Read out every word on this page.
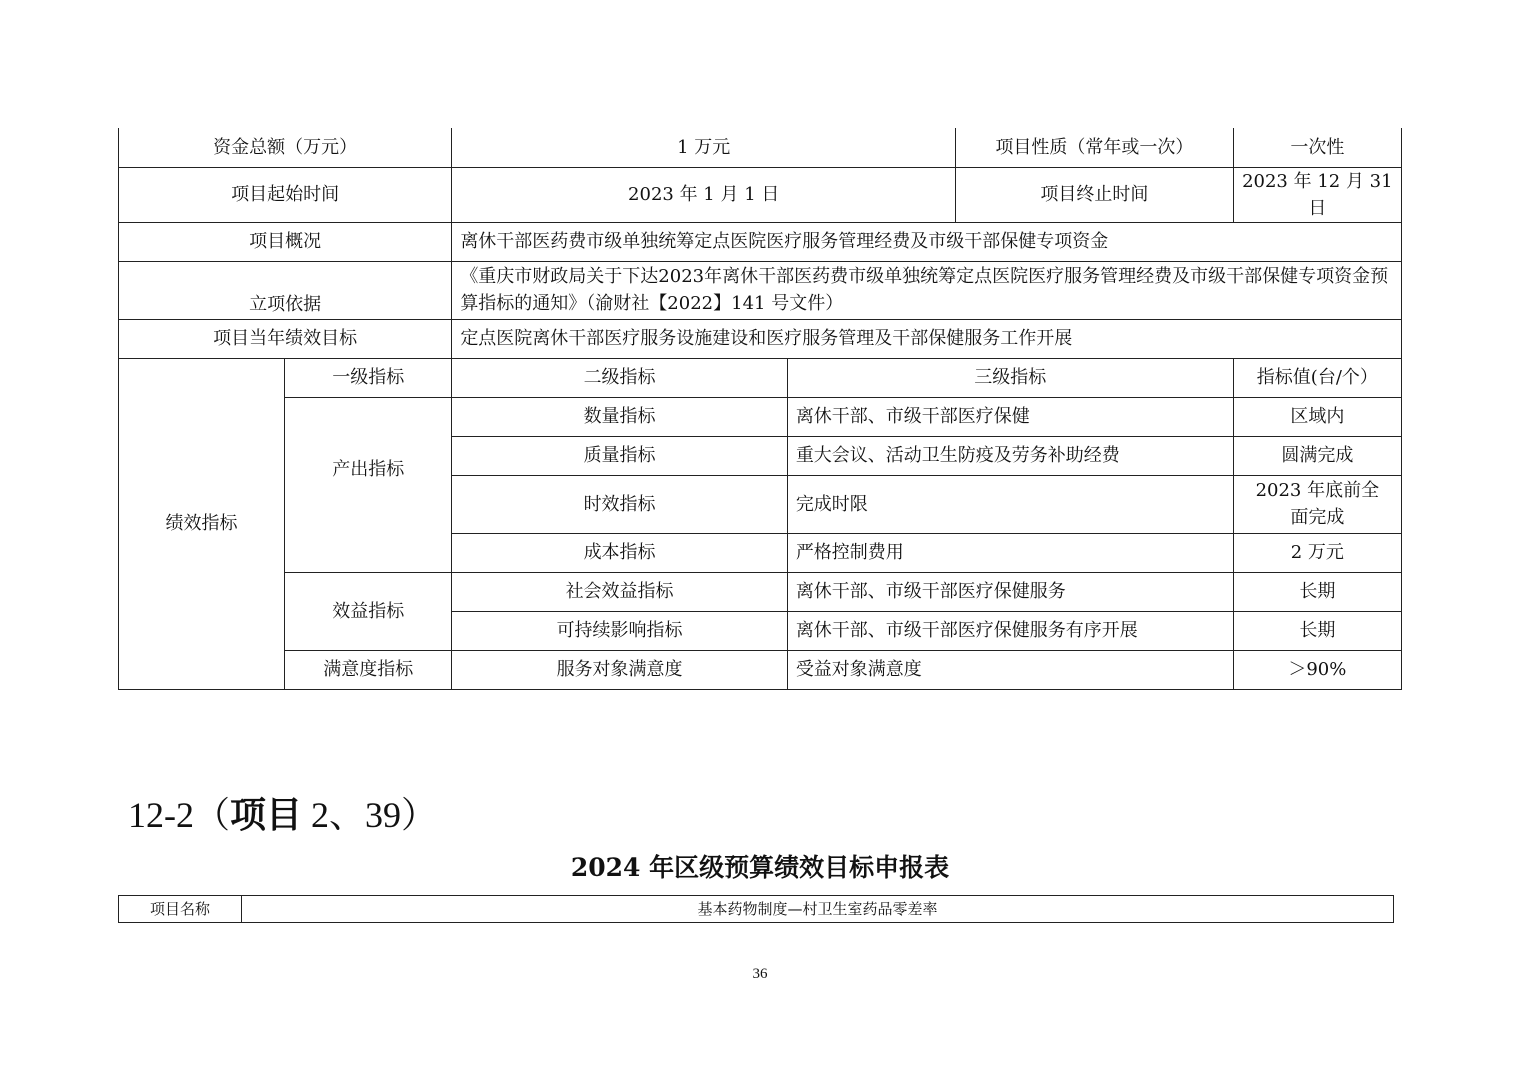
资金总额（万元）		1 万元		项目性质（常年或一次）	一次性
项目起始时间		2023 年 1 月 1 日		项目终止时间	2023 年 12 月 31 日
项目概况		离休干部医药费市级单独统筹定点医院医疗服务管理经费及市级干部保健专项资金			
立项依据		《重庆市财政局关于下达2023年离休干部医药费市级单独统筹定点医院医疗服务管理经费及市级干部保健专项资金预算指标的通知》（渝财社【2022】141 号文件）			
项目当年绩效目标		定点医院离休干部医疗服务设施建设和医疗服务管理及干部保健服务工作开展			
绩效指标	一级指标	二级指标	三级指标		指标值(台/个）
	产出指标	数量指标	离休干部、市级干部医疗保健		区域内
		质量指标	重大会议、活动卫生防疫及劳务补助经费		圆满完成
		时效指标	完成时限		2023 年底前全面完成
		成本指标	严格控制费用		2 万元
	效益指标	社会效益指标	离休干部、市级干部医疗保健服务		长期
		可持续影响指标	离休干部、市级干部医疗保健服务有序开展		长期
	满意度指标	服务对象满意度	受益对象满意度		＞90%
12-2（项目 2、39）
2024 年区级预算绩效目标申报表
项目名称	基本药物制度—村卫生室药品零差率
36
